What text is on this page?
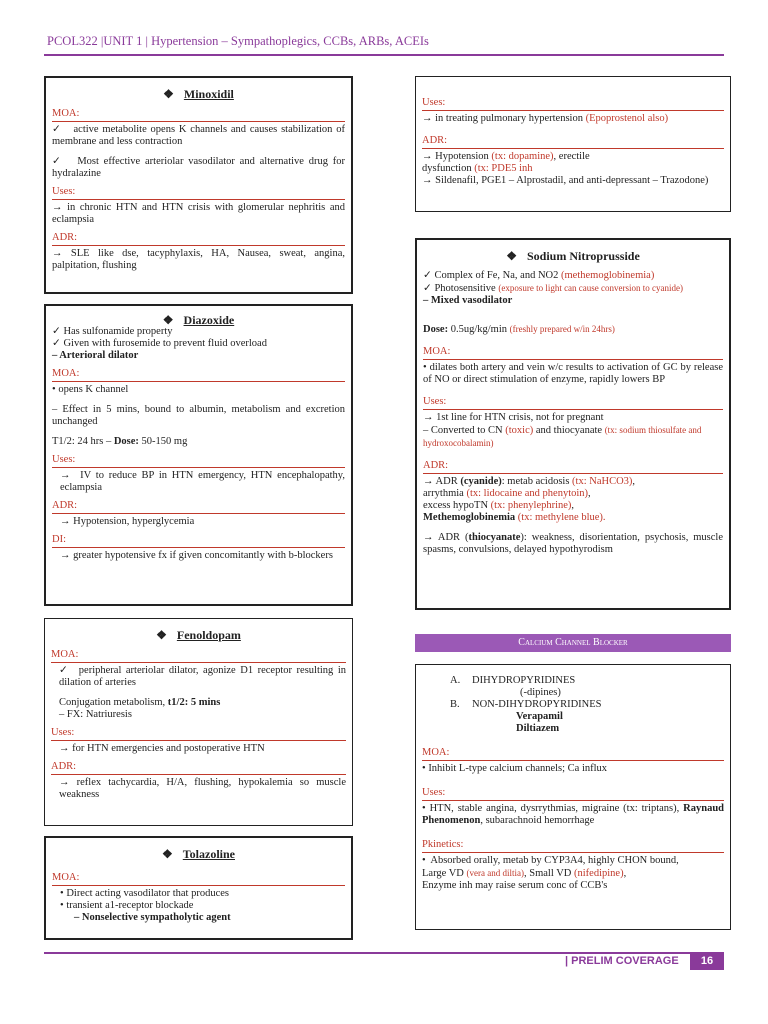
PCOL322 |UNIT 1 | Hypertension – Sympathoplegics, CCBs, ARBs, ACEIs
❖ Minoxidil
MOA:

✓ active metabolite opens K channels and causes stabilization of membrane and less contraction

✓ Most effective arteriolar vasodilator and alternative drug for hydralazine

Uses:

→ in chronic HTN and HTN crisis with glomerular nephritis and eclampsia

ADR:

→ SLE like dse, tacyphylaxis, HA, Nausea, sweat, angina, palpitation, flushing

❖ Diazoxide
✓ Has sulfonamide property
✓ Given with furosemide to prevent fluid overload
– Arterioral dilator
MOA:
• opens K channel

– Effect in 5 mins, bound to albumin, metabolism and excretion unchanged

T1/2: 24 hrs – Dose: 50-150 mg
Uses:

→ IV to reduce BP in HTN emergency, HTN encephalopathy, eclampsia

ADR:

→ Hypotension, hyperglycemia

DI:

→ greater hypotensive fx if given concomitantly with b-blockers

❖ Fenoldopam
MOA:

✓ peripheral arteriolar dilator, agonize D1 receptor resulting in dilation of arteries

Conjugation metabolism, t1/2: 5 mins
– FX: Natriuresis
Uses:
→ for HTN emergencies and postoperative HTN
ADR:

→ reflex tachycardia, H/A, flushing, hypokalemia so muscle weakness

❖ Tolazoline
MOA:
• Direct acting vasodilator that produces
• transient a1-receptor blockade
– Nonselective sympatholytic agent
Uses:
→ in treating pulmonary hypertension (Epoprostenol also)
ADR:
→ Hypotension (tx: dopamine), erectile
dysfunction (tx: PDE5 inh
→ Sildenafil, PGE1 – Alprostadil, and anti-depressant – Trazodone)
❖ Sodium Nitroprusside
✓ Complex of Fe, Na, and NO2 (methemoglobinemia)

✓ Photosensitive (exposure to light can cause conversion to cyanide)

– Mixed vasodilator
Dose: 0.5ug/kg/min (freshly prepared w/in 24hrs)
MOA:

• dilates both artery and vein w/c results to activation of GC by release of NO or direct stimulation of enzyme, rapidly lowers BP

Uses:
→ 1st line for HTN crisis, not for pregnant
– Converted to CN (toxic) and thiocyanate (tx: sodium thiosulfate and hydroxocobalamin)
ADR:
→ ADR (cyanide): metab acidosis (tx: NaHCO3),
arrythmia (tx: lidocaine and phenytoin),
excess hypoTN (tx: phenylephrine),
Methemoglobinemia (tx: methylene blue).

→ ADR (thiocyanate): weakness, disorientation, psychosis, muscle spasms, convulsions, delayed hypothyrodism

Calcium Channel Blocker
A. DIHYDROPYRIDINES
(-dipines)
B. NON-DIHYDROPYRIDINES
Verapamil
Diltiazem
MOA:
• Inhibit L-type calcium channels; Ca influx
Uses:

• HTN, stable angina, dysrrythmias, migraine (tx: triptans), Raynaud Phenomenon, subarachnoid hemorrhage

Pkinetics:
• Absorbed orally, metab by CYP3A4, highly CHON bound,
Large VD (vera and diltia), Small VD (nifedipine),
Enzyme inh may raise serum conc of CCB's
| PRELIM COVERAGE	16
